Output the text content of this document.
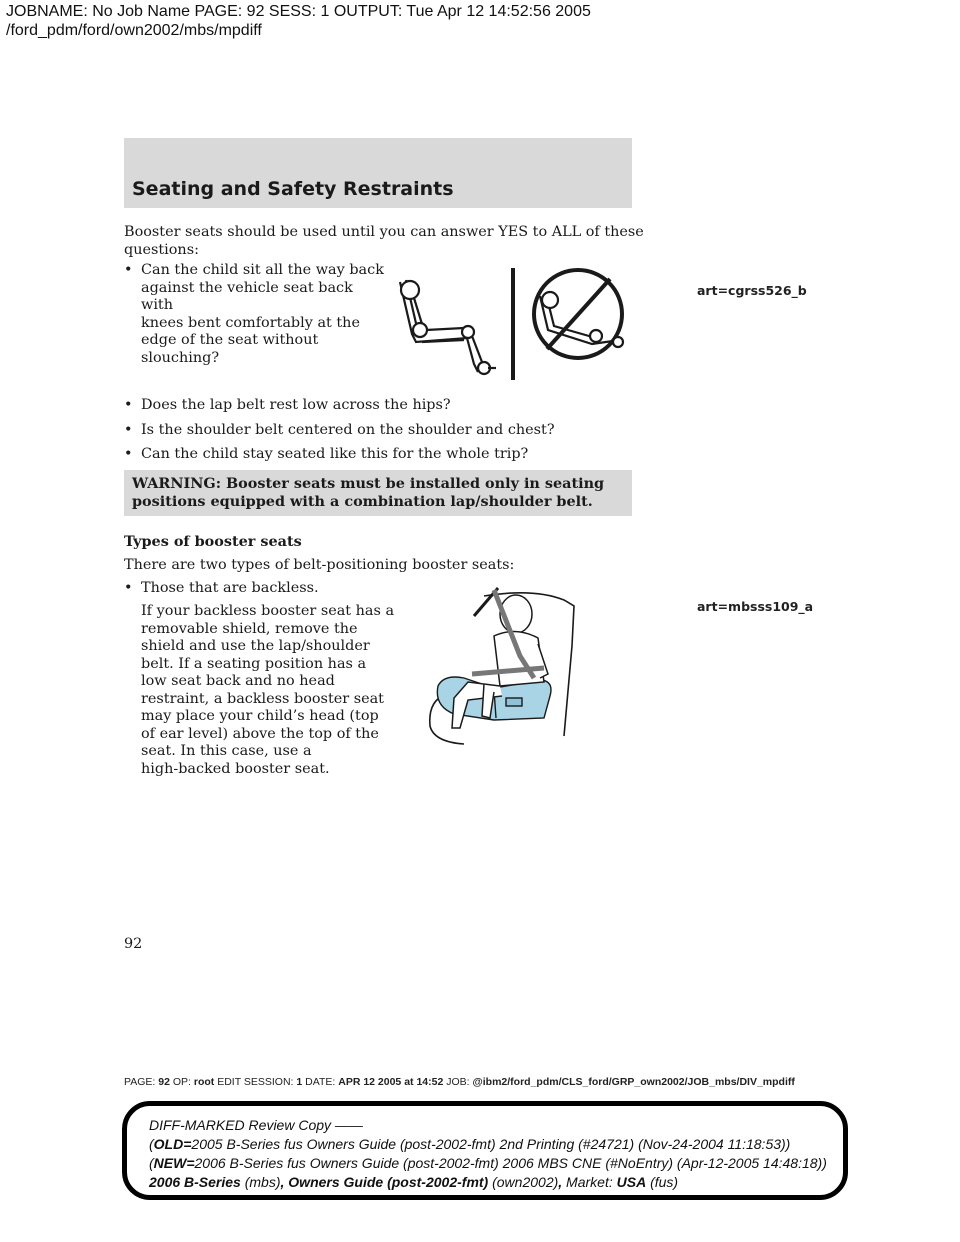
JOBNAME: No Job Name PAGE: 92 SESS: 1 OUTPUT: Tue Apr 12 14:52:56 2005
/ford_pdm/ford/own2002/mbs/mpdiff
Seating and Safety Restraints
Booster seats should be used until you can answer YES to ALL of these
questions:
• Can the child sit all the way back
against the vehicle seat back with
knees bent comfortably at the
edge of the seat without
slouching?
art=cgrss526_b
• Does the lap belt rest low across the hips?
• Is the shoulder belt centered on the shoulder and chest?
• Can the child stay seated like this for the whole trip?
WARNING: Booster seats must be installed only in seating
positions equipped with a combination lap/shoulder belt.
Types of booster seats
There are two types of belt-positioning booster seats:
• Those that are backless.
If your backless booster seat has a
removable shield, remove the
shield and use the lap/shoulder
belt. If a seating position has a
low seat back and no head
restraint, a backless booster seat
may place your child’s head (top
of ear level) above the top of the
seat. In this case, use a
high-backed booster seat.
art=mbsss109_a
92
PAGE: 92 OP: root EDIT SESSION: 1 DATE: APR 12 2005 at 14:52 JOB: @ibm2/ford_pdm/CLS_ford/GRP_own2002/JOB_mbs/DIV_mpdiff
DIFF-MARKED Review Copy ——
(OLD=2005 B-Series fus Owners Guide (post-2002-fmt) 2nd Printing (#24721) (Nov-24-2004 11:18:53))
(NEW=2006 B-Series fus Owners Guide (post-2002-fmt) 2006 MBS CNE (#NoEntry) (Apr-12-2005 14:48:18))
2006 B-Series (mbs), Owners Guide (post-2002-fmt) (own2002), Market: USA (fus)
